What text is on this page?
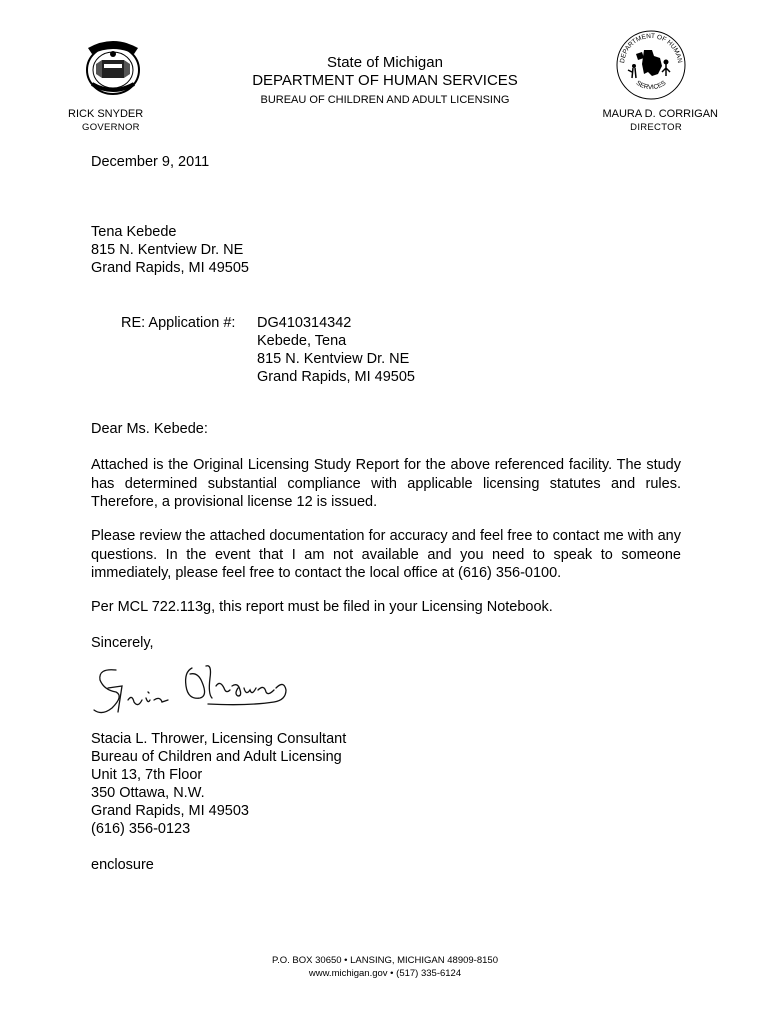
DEPARTMENT OF HUMAN
SERVICES
State of Michigan
DEPARTMENT OF HUMAN SERVICES
BUREAU OF CHILDREN AND ADULT LICENSING
RICK SNYDER
GOVERNOR
MAURA D. CORRIGAN
DIRECTOR
December 9, 2011
Tena Kebede
815 N. Kentview Dr. NE
Grand Rapids, MI 49505
RE: Application #: DG410314342
Kebede, Tena
815 N. Kentview Dr. NE
Grand Rapids, MI 49505
Dear Ms. Kebede:
Attached is the Original Licensing Study Report for the above referenced facility. The study has determined substantial compliance with applicable licensing statutes and rules. Therefore, a provisional license 12 is issued.
Please review the attached documentation for accuracy and feel free to contact me with any questions. In the event that I am not available and you need to speak to someone immediately, please feel free to contact the local office at (616) 356-0100.
Per MCL 722.113g, this report must be filed in your Licensing Notebook.
Sincerely,
Stacia L. Thrower, Licensing Consultant
Bureau of Children and Adult Licensing
Unit 13, 7th Floor
350 Ottawa, N.W.
Grand Rapids, MI 49503
(616) 356-0123
enclosure
P.O. BOX 30650 • LANSING, MICHIGAN 48909-8150
www.michigan.gov • (517) 335-6124
